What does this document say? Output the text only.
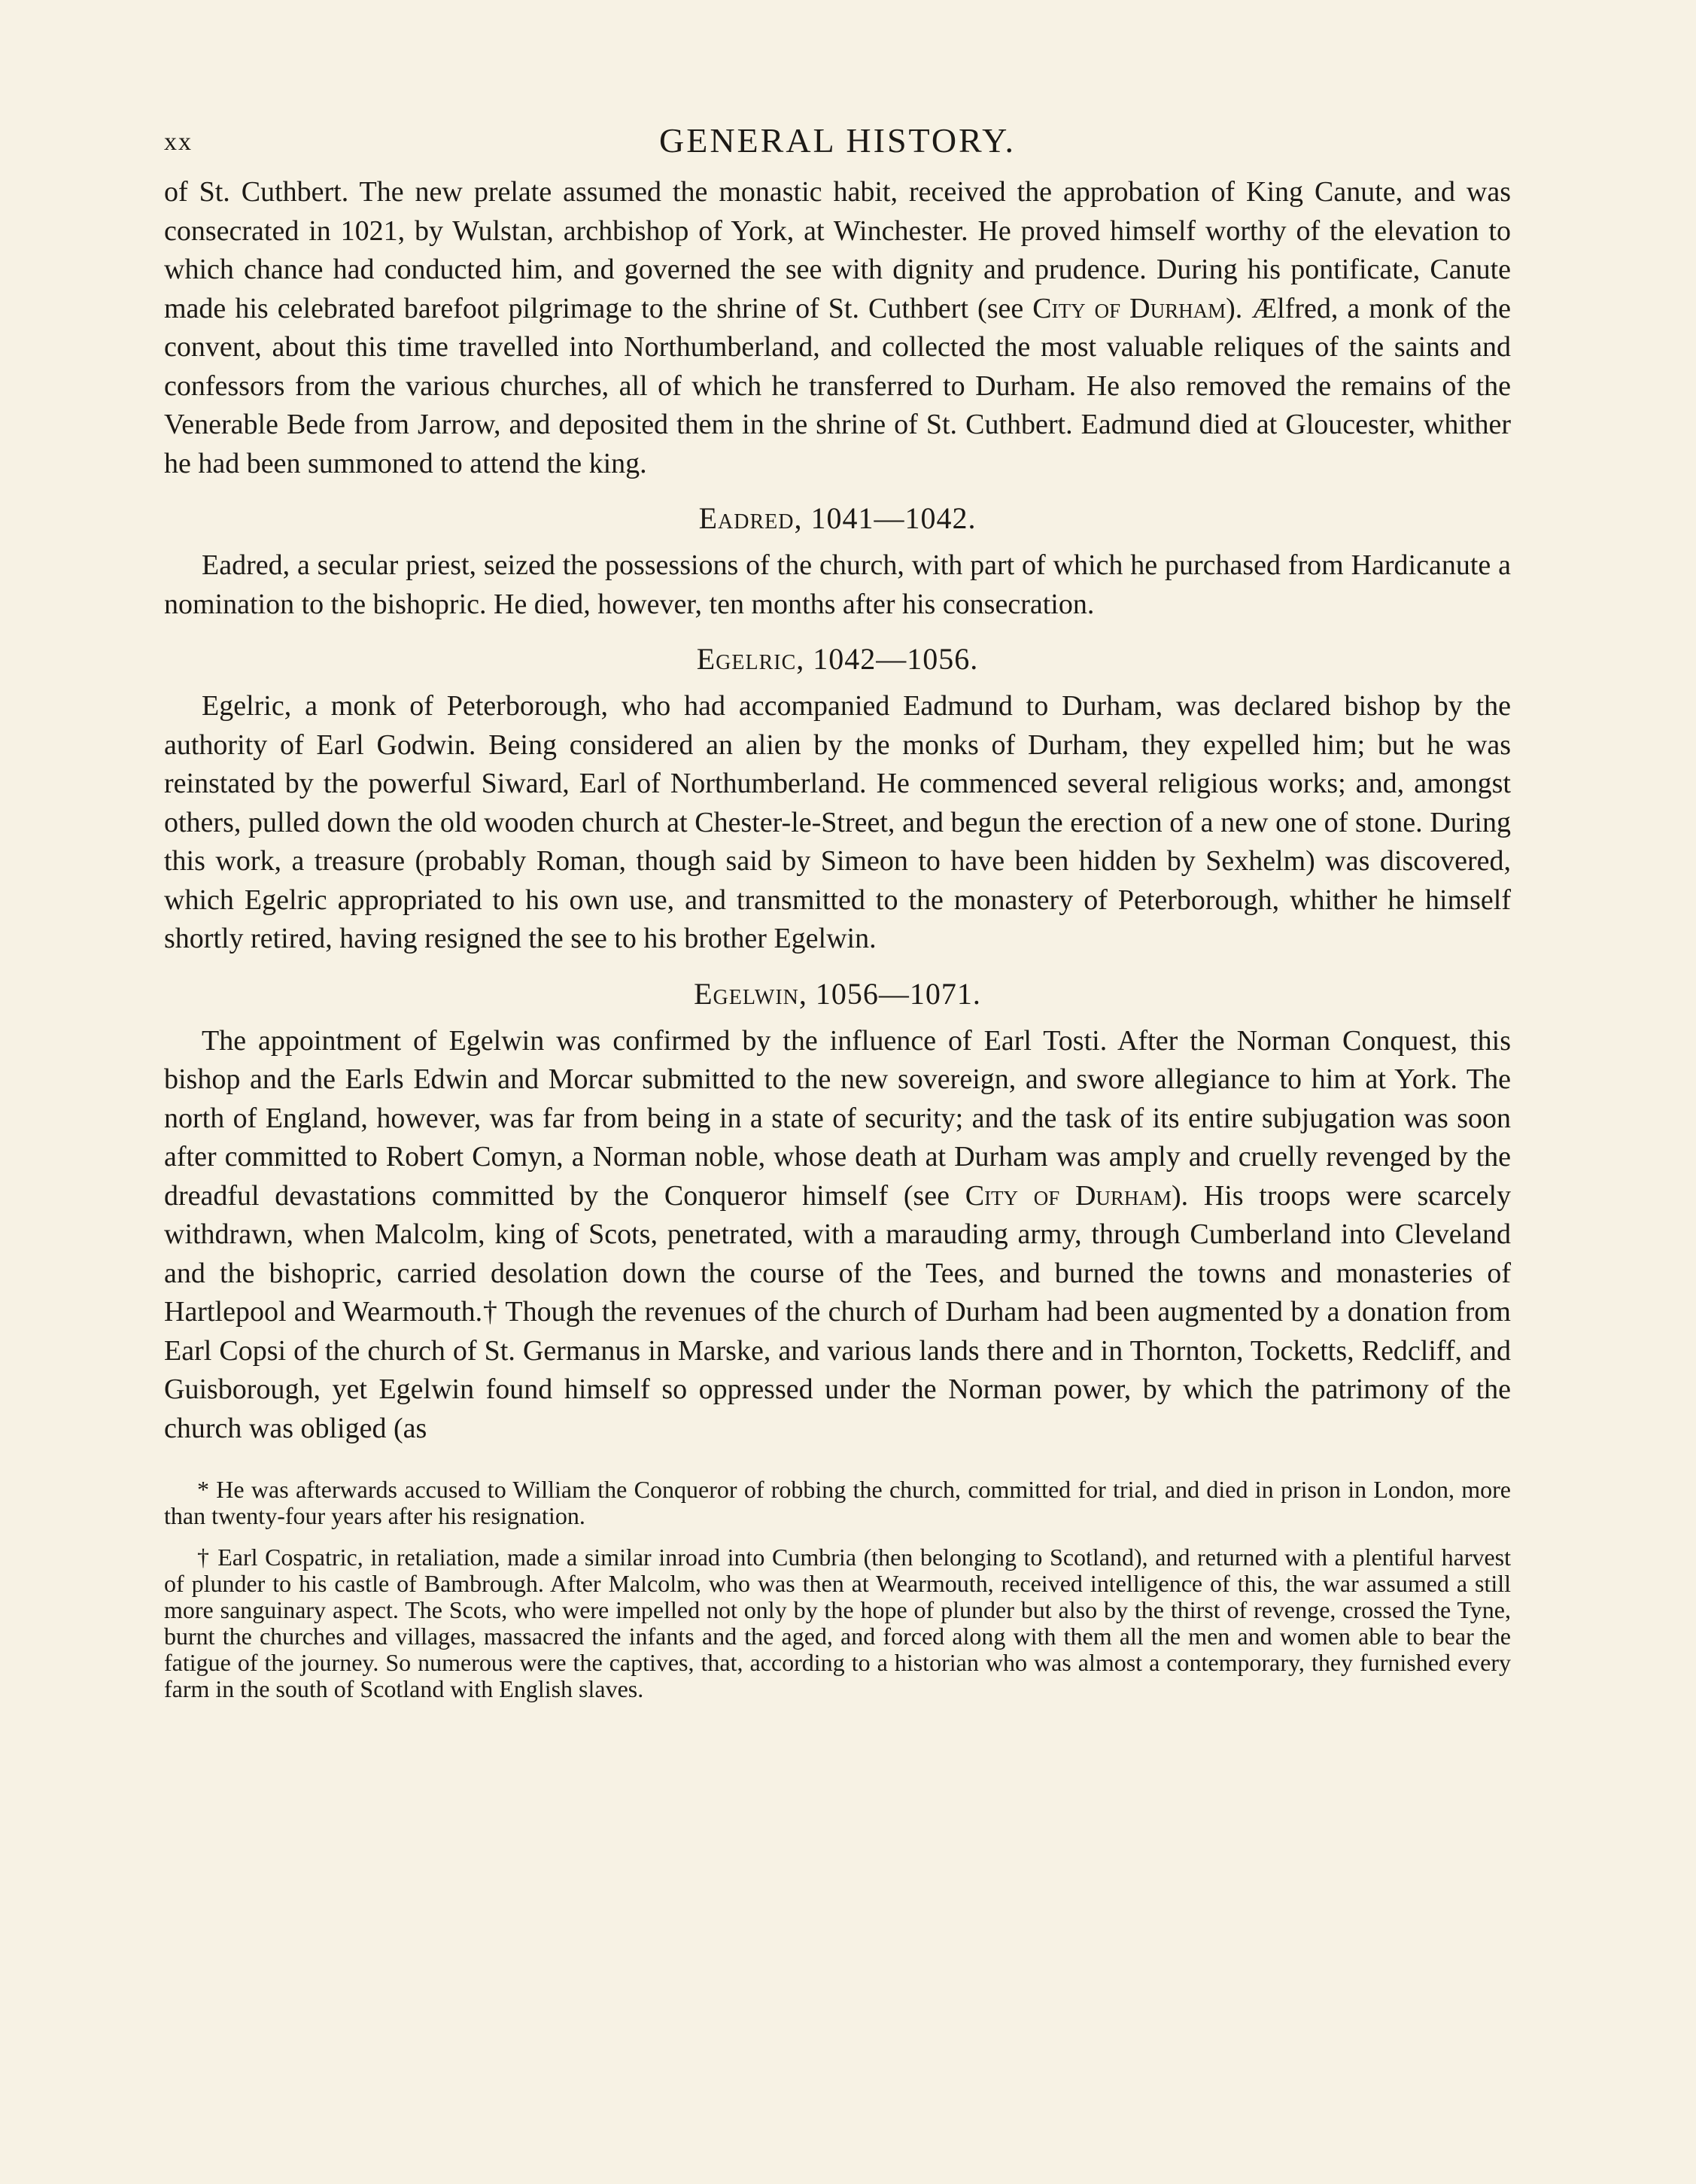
xx	GENERAL HISTORY.

of St. Cuthbert. The new prelate assumed the monastic habit, received the approbation of King Canute, and was consecrated in 1021, by Wulstan, archbishop of York, at Winchester. He proved himself worthy of the elevation to which chance had conducted him, and governed the see with dignity and prudence. During his pontificate, Canute made his celebrated barefoot pilgrimage to the shrine of St. Cuthbert (see City of Durham). Ælfred, a monk of the convent, about this time travelled into Northumberland, and collected the most valuable reliques of the saints and confessors from the various churches, all of which he transferred to Durham. He also removed the remains of the Venerable Bede from Jarrow, and deposited them in the shrine of St. Cuthbert. Eadmund died at Gloucester, whither he had been summoned to attend the king.

Eadred, 1041—1042.

Eadred, a secular priest, seized the possessions of the church, with part of which he purchased from Hardicanute a nomination to the bishopric. He died, however, ten months after his consecration.

Egelric, 1042—1056.

Egelric, a monk of Peterborough, who had accompanied Eadmund to Durham, was declared bishop by the authority of Earl Godwin. Being considered an alien by the monks of Durham, they expelled him; but he was reinstated by the powerful Siward, Earl of Northumberland. He commenced several religious works; and, amongst others, pulled down the old wooden church at Chester-le-Street, and begun the erection of a new one of stone. During this work, a treasure (probably Roman, though said by Simeon to have been hidden by Sexhelm) was discovered, which Egelric appropriated to his own use, and transmitted to the monastery of Peterborough, whither he himself shortly retired, having resigned the see to his brother Egelwin.

Egelwin, 1056—1071.

The appointment of Egelwin was confirmed by the influence of Earl Tosti. After the Norman Conquest, this bishop and the Earls Edwin and Morcar submitted to the new sovereign, and swore allegiance to him at York. The north of England, however, was far from being in a state of security; and the task of its entire subjugation was soon after committed to Robert Comyn, a Norman noble, whose death at Durham was amply and cruelly revenged by the dreadful devastations committed by the Conqueror himself (see City of Durham). His troops were scarcely withdrawn, when Malcolm, king of Scots, penetrated, with a marauding army, through Cumberland into Cleveland and the bishopric, carried desolation down the course of the Tees, and burned the towns and monasteries of Hartlepool and Wearmouth.† Though the revenues of the church of Durham had been augmented by a donation from Earl Copsi of the church of St. Germanus in Marske, and various lands there and in Thornton, Tocketts, Redcliff, and Guisborough, yet Egelwin found himself so oppressed under the Norman power, by which the patrimony of the church was obliged (as

* He was afterwards accused to William the Conqueror of robbing the church, committed for trial, and died in prison in London, more than twenty-four years after his resignation.

† Earl Cospatric, in retaliation, made a similar inroad into Cumbria (then belonging to Scotland), and returned with a plentiful harvest of plunder to his castle of Bambrough. After Malcolm, who was then at Wearmouth, received intelligence of this, the war assumed a still more sanguinary aspect. The Scots, who were impelled not only by the hope of plunder but also by the thirst of revenge, crossed the Tyne, burnt the churches and villages, massacred the infants and the aged, and forced along with them all the men and women able to bear the fatigue of the journey. So numerous were the captives, that, according to a historian who was almost a contemporary, they furnished every farm in the south of Scotland with English slaves.
